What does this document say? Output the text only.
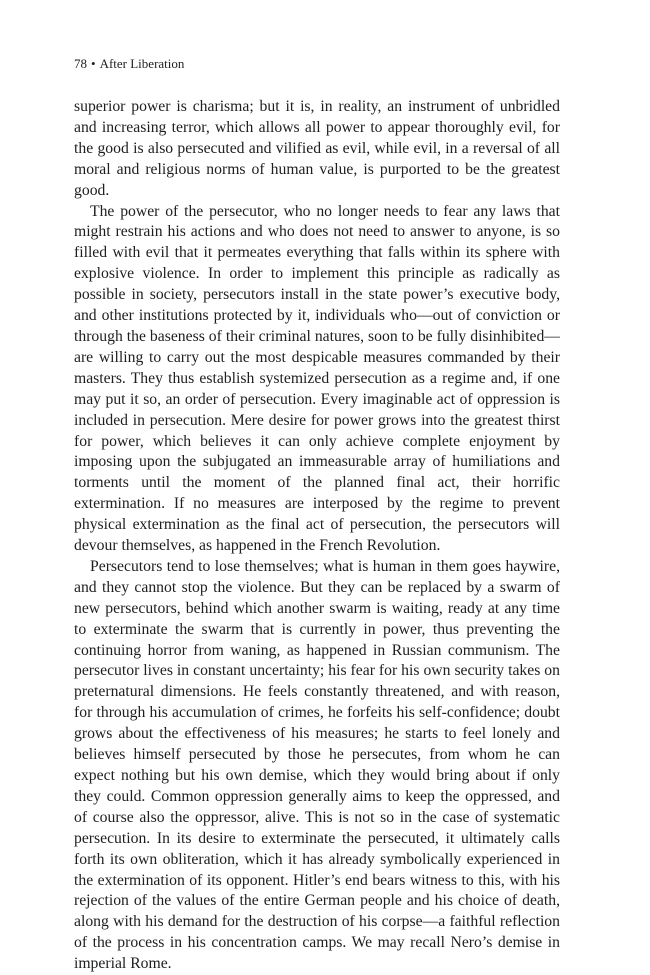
78 • After Liberation

superior power is charisma; but it is, in reality, an instrument of unbridled and increasing terror, which allows all power to appear thoroughly evil, for the good is also persecuted and vilified as evil, while evil, in a reversal of all moral and religious norms of human value, is purported to be the greatest good.

The power of the persecutor, who no longer needs to fear any laws that might restrain his actions and who does not need to answer to anyone, is so filled with evil that it permeates everything that falls within its sphere with explosive violence. In order to implement this principle as radically as possible in society, persecutors install in the state power’s executive body, and other institutions protected by it, individuals who—out of conviction or through the baseness of their criminal natures, soon to be fully disinhibited—are willing to carry out the most despicable measures commanded by their masters. They thus establish systemized persecution as a regime and, if one may put it so, an order of persecution. Every imaginable act of oppression is included in persecution. Mere desire for power grows into the greatest thirst for power, which believes it can only achieve complete enjoyment by imposing upon the subjugated an immeasurable array of humiliations and torments until the moment of the planned final act, their horrific extermination. If no measures are interposed by the regime to prevent physical extermination as the final act of persecution, the persecutors will devour themselves, as happened in the French Revolution.

Persecutors tend to lose themselves; what is human in them goes haywire, and they cannot stop the violence. But they can be replaced by a swarm of new persecutors, behind which another swarm is waiting, ready at any time to exterminate the swarm that is currently in power, thus preventing the continuing horror from waning, as happened in Russian communism. The persecutor lives in constant uncertainty; his fear for his own security takes on preternatural dimensions. He feels constantly threatened, and with reason, for through his accumulation of crimes, he forfeits his self-confidence; doubt grows about the effectiveness of his measures; he starts to feel lonely and believes himself persecuted by those he persecutes, from whom he can expect nothing but his own demise, which they would bring about if only they could. Common oppression generally aims to keep the oppressed, and of course also the oppressor, alive. This is not so in the case of systematic persecution. In its desire to exterminate the persecuted, it ultimately calls forth its own obliteration, which it has already symbolically experienced in the extermination of its opponent. Hitler’s end bears witness to this, with his rejection of the values of the entire German people and his choice of death, along with his demand for the destruction of his corpse—a faithful reflection of the process in his concentration camps. We may recall Nero’s demise in imperial Rome.
